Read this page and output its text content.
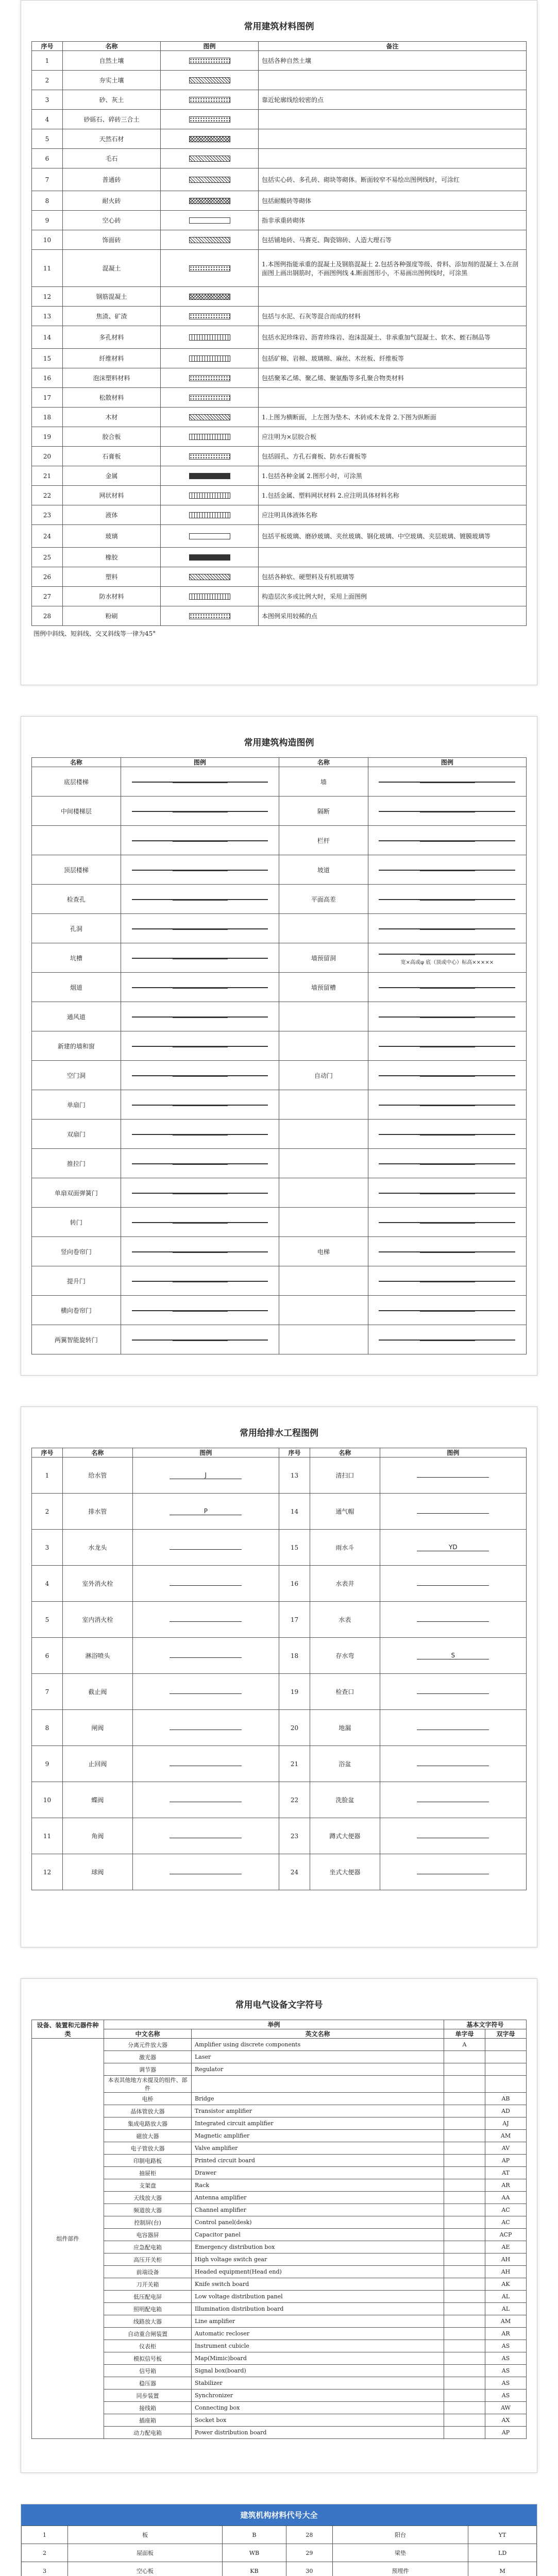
常用建筑材料图例
序号	名称	图例	备注
1	自然土壤		包括各种自然土壤
2	夯实土壤		
3	砂、灰土		靠近轮廓线绘较密的点
4	砂砾石、碎砖三合土		
5	天然石材		
6	毛石		
7	普通砖		包括实心砖、多孔砖、砌块等砌体。断面较窄不易绘出图例线时，可涂红
8	耐火砖		包括耐酸砖等砌体
9	空心砖		指非承重砖砌体
10	饰面砖		包括铺地砖、马赛克、陶瓷锦砖、人造大理石等
11	混凝土		1.本图例指能承重的混凝土及钢筋混凝土 2.包括各种强度等级、骨料、添加剂的混凝土 3.在剖面图上画出钢筋时，不画图例线 4.断面图形小，不易画出图例线时，可涂黑
12	钢筋混凝土		
13	焦渣、矿渣		包括与水泥、石灰等混合而成的材料
14	多孔材料		包括水泥珍珠岩、沥青珍珠岩、泡沫混凝土、非承重加气混凝土、软木、蛭石制品等
15	纤维材料		包括矿棉、岩棉、玻璃棉、麻丝、木丝板、纤维板等
16	泡沫塑料材料		包括聚苯乙烯、聚乙烯、聚氨酯等多孔聚合物类材料
17	松散材料		
18	木材		1.上图为横断面，上左图为垫木、木砖或木龙骨 2.下图为纵断面
19	胶合板		应注明为×层胶合板
20	石膏板		包括圆孔、方孔石膏板、防水石膏板等
21	金属		1.包括各种金属 2.图形小时，可涂黑
22	网状材料		1.包括金属、塑料网状材料 2.应注明具体材料名称
23	液体		应注明具体液体名称
24	玻璃		包括平板玻璃、磨砂玻璃、夹丝玻璃、钢化玻璃、中空玻璃、夹层玻璃、镀膜玻璃等
25	橡胶		
26	塑料		包括各种软、硬塑料及有机玻璃等
27	防水材料		构造层次多或比例大时，采用上面图例
28	粉刷		本图例采用较稀的点
图例中斜线、短斜线、交叉斜线等一律为45°
常用建筑构造图例
名称	图例	名称	图例
底层楼梯		墙	
中间楼梯层		隔断	
		栏杆	
顶层楼梯		坡道	
检查孔		平面高差	
孔洞			
坑槽		墙预留洞	宽×高或φ 底（顶或中心）标高×××××

烟道		墙预留槽	
通风道			
新建的墙和窗			
空门洞		自动门	
单扇门			
双扇门			
推拉门			
单扇双面弹簧门			
转门			
竖向卷帘门		电梯	
提升门			
横向卷帘门			
两翼智能旋转门			
常用给排水工程图例
序号	名称	图例	序号	名称	图例
1	给水管	J	13	清扫口	
2	排水管	P	14	通气帽	
3	水龙头		15	雨水斗	YD
4	室外消火栓		16	水表井	
5	室内消火栓		17	水表	
6	淋浴喷头		18	存水弯	S
7	截止阀		19	检查口	
8	闸阀		20	地漏	
9	止回阀		21	浴盆	
10	蝶阀		22	洗脸盆	
11	角阀		23	蹲式大便器	
12	球阀		24	坐式大便器	
常用电气设备文字符号
设备、装置和元器件种类	举例		基本文字符号	
	中文名称	英文名称	单字母	双字母
组件部件	分离元件放大器	Amplifier using discrete components	A	
	激光器	Laser		
	调节器	Regulator		
	本表其他地方未提及的组件、部件			
	电桥	Bridge		AB
	晶体管放大器	Transistor amplifier		AD
	集成电路放大器	Integrated circuit amplifier		AJ
	磁放大器	Magnetic amplifier		AM
	电子管放大器	Valve amplifier		AV
	印制电路板	Printed circuit board		AP
	抽屉柜	Drawer		AT
	支架盘	Rack		AR
	天线放大器	Antenna amplifier		AA
	频道放大器	Channel amplifier		AC
	控制屏(台)	Control panel(desk)		AC
	电容器屏	Capacitor panel		ACP
	应急配电箱	Emergency distribution box		AE
	高压开关柜	High voltage switch gear		AH
	前端设备	Headed equipment(Head end)		AH
	刀开关箱	Knife switch board		AK
	低压配电屏	Low voltage distribution panel		AL
	照明配电箱	Illumination distribution board		AL
	线路放大器	Line amplifier		AM
	自动重合闸装置	Automatic recloser		AR
	仪表柜	Instrument cubicle		AS
	模拟信号板	Map(Mimic)board		AS
	信号箱	Signal box(board)		AS
	稳压器	Stabilizer		AS
	同步装置	Synchronizer		AS
	接线箱	Connecting box		AW
	插座箱	Socket box		AX
	动力配电箱	Power distribution board		AP
建筑机构材料代号大全
1	板	B	28	阳台	YT
2	屋面板	WB	29	梁垫	LD
3	空心板	KB	30	预埋件	M
